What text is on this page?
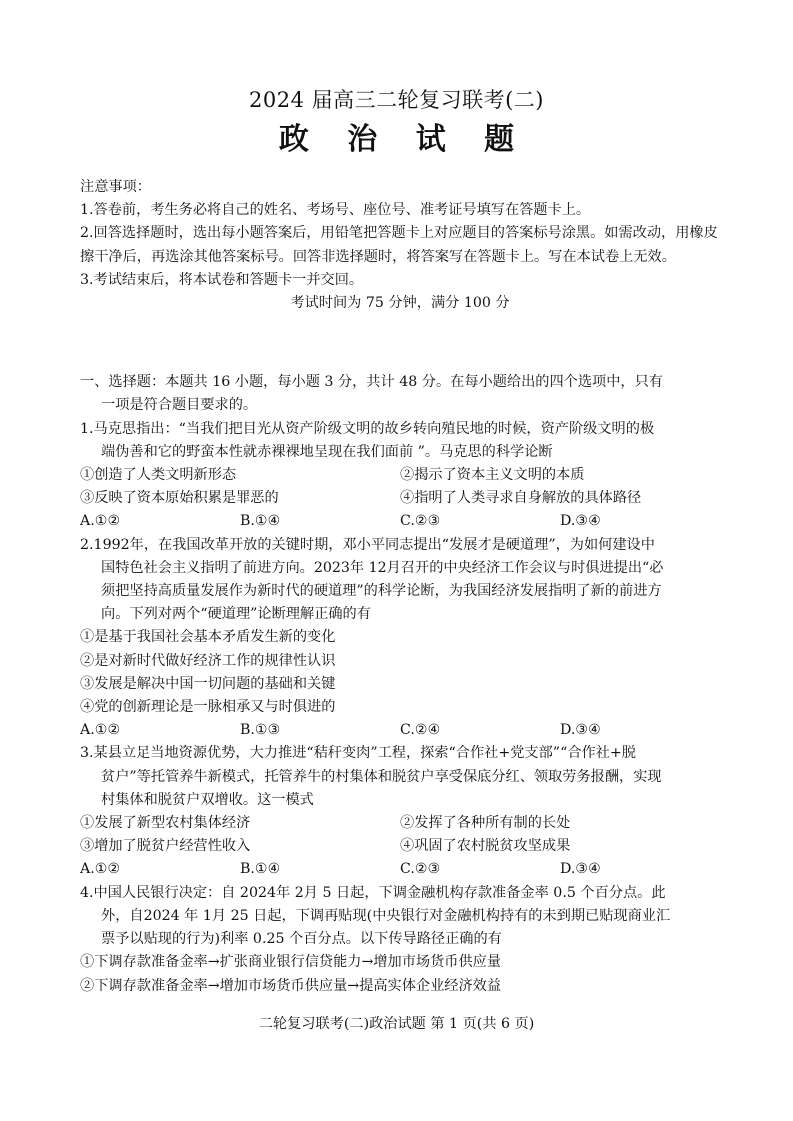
2024 届高三二轮复习联考(二)
政 治 试 题
注意事项：
1.答卷前，考生务必将自己的姓名、考场号、座位号、准考证号填写在答题卡上。
2.回答选择题时，选出每小题答案后，用铅笔把答题卡上对应题目的答案标号涂黑。如需改动，用橡皮擦干净后，再选涂其他答案标号。回答非选择题时，将答案写在答题卡上。写在本试卷上无效。
3.考试结束后，将本试卷和答题卡一并交回。
考试时间为 75 分钟，满分 100 分
一、选择题：本题共 16 小题，每小题 3 分，共计 48 分。在每小题给出的四个选项中，只有
一项是符合题目要求的。
1.马克思指出：“当我们把目光从资产阶级文明的故乡转向殖民地的时候，资产阶级文明的极
端伪善和它的野蛮本性就赤裸裸地呈现在我们面前 ”。马克思的科学论断
①创造了人类文明新形态	②揭示了资本主义文明的本质
③反映了资本原始积累是罪恶的	④指明了人类寻求自身解放的具体路径
A.①②	B.①④	C.②③	D.③④
2.1992年，在我国改革开放的关键时期，邓小平同志提出“发展才是硬道理”，为如何建设中
国特色社会主义指明了前进方向。2023年 12月召开的中央经济工作会议与时俱进提出“必
须把坚持高质量发展作为新时代的硬道理”的科学论断，为我国经济发展指明了新的前进方
向。下列对两个“硬道理”论断理解正确的有
①是基于我国社会基本矛盾发生新的变化
②是对新时代做好经济工作的规律性认识
③发展是解决中国一切问题的基础和关键
④党的创新理论是一脉相承又与时俱进的
A.①②	B.①③	C.②④	D.③④
3.某县立足当地资源优势，大力推进“秸秆变肉”工程，探索“合作社+党支部”“合作社+脱
贫户”等托管养牛新模式，托管养牛的村集体和脱贫户享受保底分红、领取劳务报酬，实现
村集体和脱贫户双增收。这一模式
①发展了新型农村集体经济	②发挥了各种所有制的长处
③增加了脱贫户经营性收入	④巩固了农村脱贫攻坚成果
A.①②	B.①④	C.②③	D.③④
4.中国人民银行决定：自 2024年 2月 5 日起，下调金融机构存款准备金率 0.5 个百分点。此
外，自2024 年 1月 25 日起，下调再贴现(中央银行对金融机构持有的未到期已贴现商业汇
票予以贴现的行为)利率 0.25 个百分点。以下传导路径正确的有
①下调存款准备金率→扩张商业银行信贷能力→增加市场货币供应量
②下调存款准备金率→增加市场货币供应量→提高实体企业经济效益
二轮复习联考(二)政治试题 第 1 页(共 6 页)
